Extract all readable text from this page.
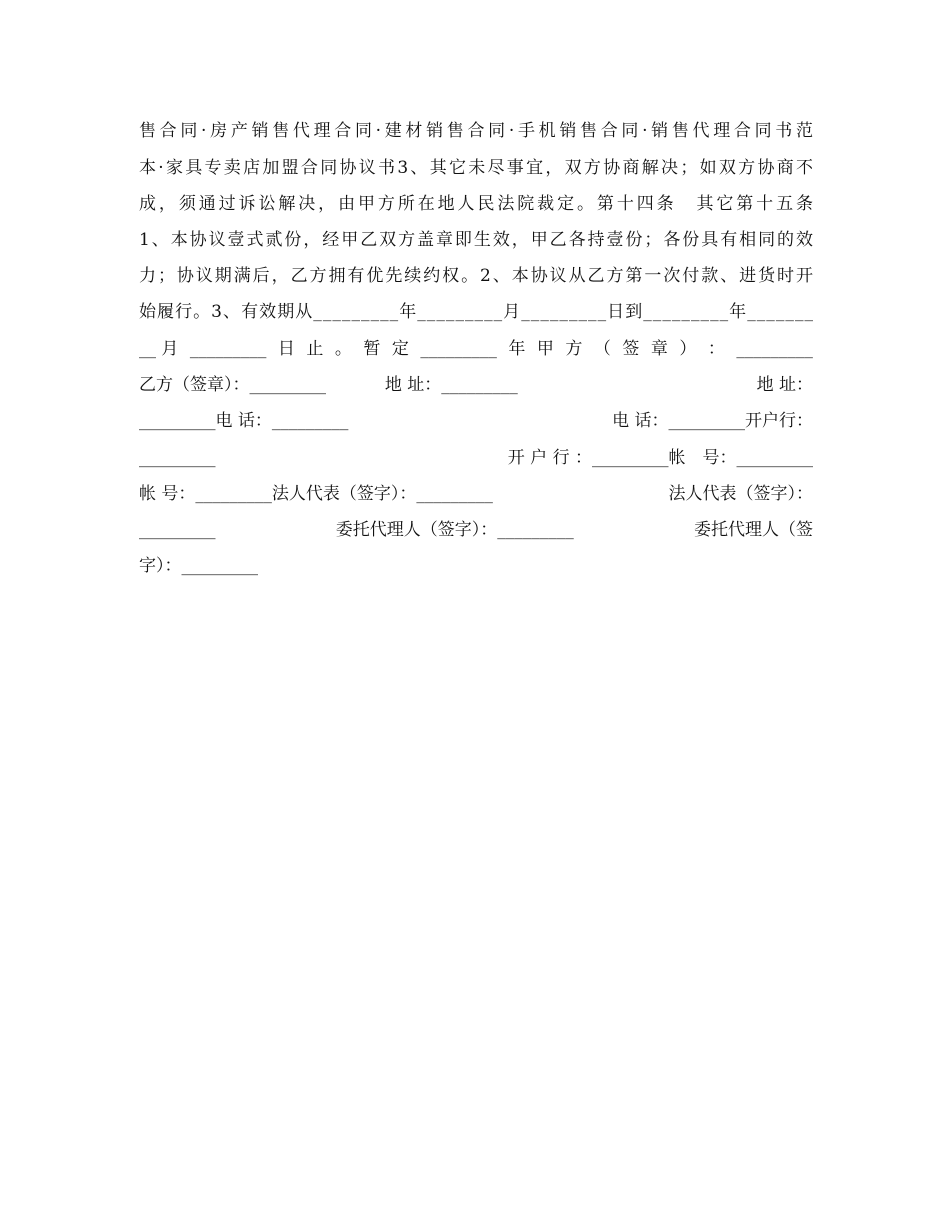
售合同·房产销售代理合同·建材销售合同·手机销售合同·销售代理合同书范
本·家具专卖店加盟合同协议书3、其它未尽事宜，双方协商解决；如双方协商不
成，须通过诉讼解决，由甲方所在地人民法院裁定。第十四条　其它第十五条
1、本协议壹式贰份，经甲乙双方盖章即生效，甲乙各持壹份；各份具有相同的效
力；协议期满后，乙方拥有优先续约权。2、本协议从乙方第一次付款、进货时开
始履行。3、有效期从_________年_________月_________日到_________年_______
__ 月 _________ 日 止 。 暂 定 _________ 年 甲 方 （ 签 章 ） ： _________
乙方（签章）：_________	地 址：_________	地 址：
_________电 话：_________	电 话：_________开户行：
_________	开 户 行 ：_________帐　号：_________
帐 号：_________法人代表（签字）：_________	法人代表（签字）：
_________	委托代理人（签字）：_________	委托代理人（签
字）：_________
